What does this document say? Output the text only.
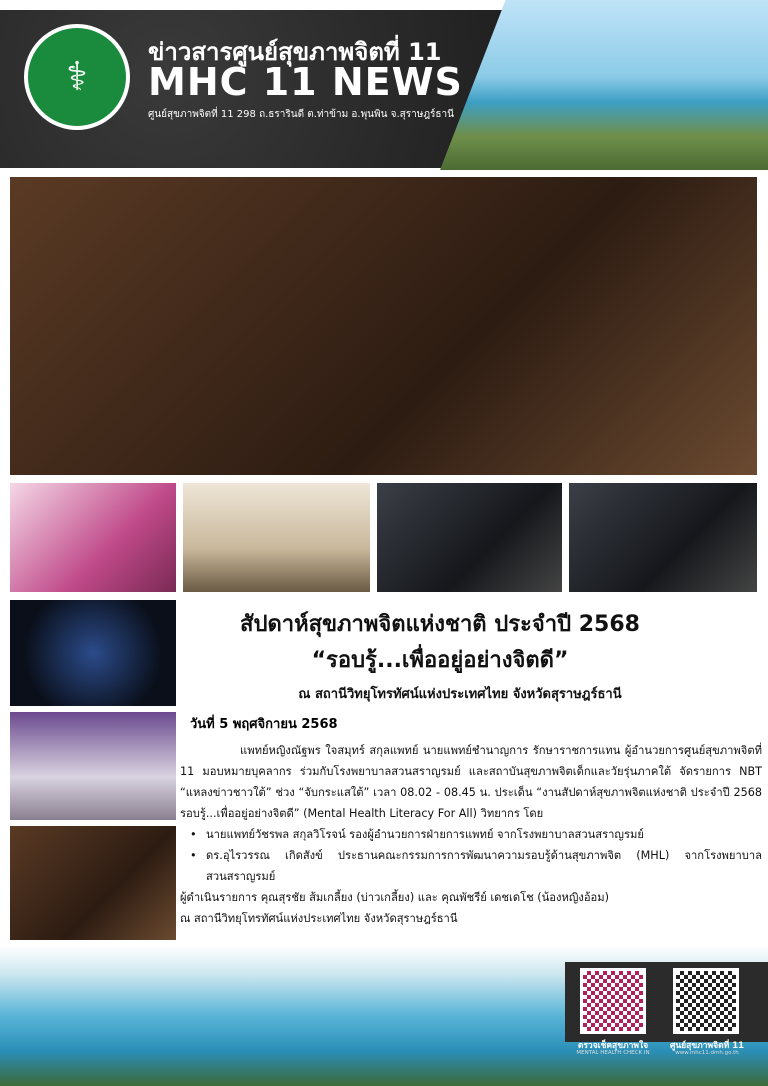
⚕
ข่าวสารศูนย์สุขภาพจิตที่ 11
MHC 11 NEWS
ศูนย์สุขภาพจิตที่ 11 298 ถ.ธรารินดี ต.ท่าข้าม อ.พุนพิน จ.สุราษฎร์ธานี
สัปดาห์สุขภาพจิตแห่งชาติ ประจำปี 2568
“รอบรู้...เพื่ออยู่อย่างจิตดี”
ณ สถานีวิทยุโทรทัศน์แห่งประเทศไทย จังหวัดสุราษฎร์ธานี
วันที่ 5 พฤศจิกายน 2568

แพทย์หญิงณัฐพร ใจสมุทร์ สกุลแพทย์ นายแพทย์ชำนาญการ รักษาราชการแทน ผู้อำนวยการศูนย์สุขภาพจิตที่ 11 มอบหมายบุคลากร ร่วมกับโรงพยาบาลสวนสราญรมย์ และสถาบันสุขภาพจิตเด็กและวัยรุ่นภาคใต้ จัดรายการ NBT “แหลงข่าวชาวใต้” ช่วง “จับกระแสใต้” เวลา 08.02 - 08.45 น. ประเด็น “งานสัปดาห์สุขภาพจิตแห่งชาติ ประจำปี 2568 รอบรู้...เพื่ออยู่อย่างจิตดี” (Mental Health Literacy For All) วิทยากร โดย

• นายแพทย์วัชรพล สกุลวิโรจน์ รองผู้อำนวยการฝ่ายการแพทย์ จากโรงพยาบาลสวนสราญรมย์
• ดร.อุไรวรรณ เกิดสังข์ ประธานคณะกรรมการการพัฒนาความรอบรู้ด้านสุขภาพจิต (MHL) จากโรงพยาบาลสวนสราญรมย์

ผู้ดำเนินรายการ คุณสุรชัย ส้มเกลี้ยง (บ่าวเกลี้ยง) และ คุณพัชรีย์ เดชเดโช (น้องหญิงอ้อม)

ณ สถานีวิทยุโทรทัศน์แห่งประเทศไทย จังหวัดสุราษฎร์ธานี

ตรวจเช็คสุขภาพใจ
MENTAL HEALTH CHECK IN
ศูนย์สุขภาพจิตที่ 11
www.mhc11.dmh.go.th
